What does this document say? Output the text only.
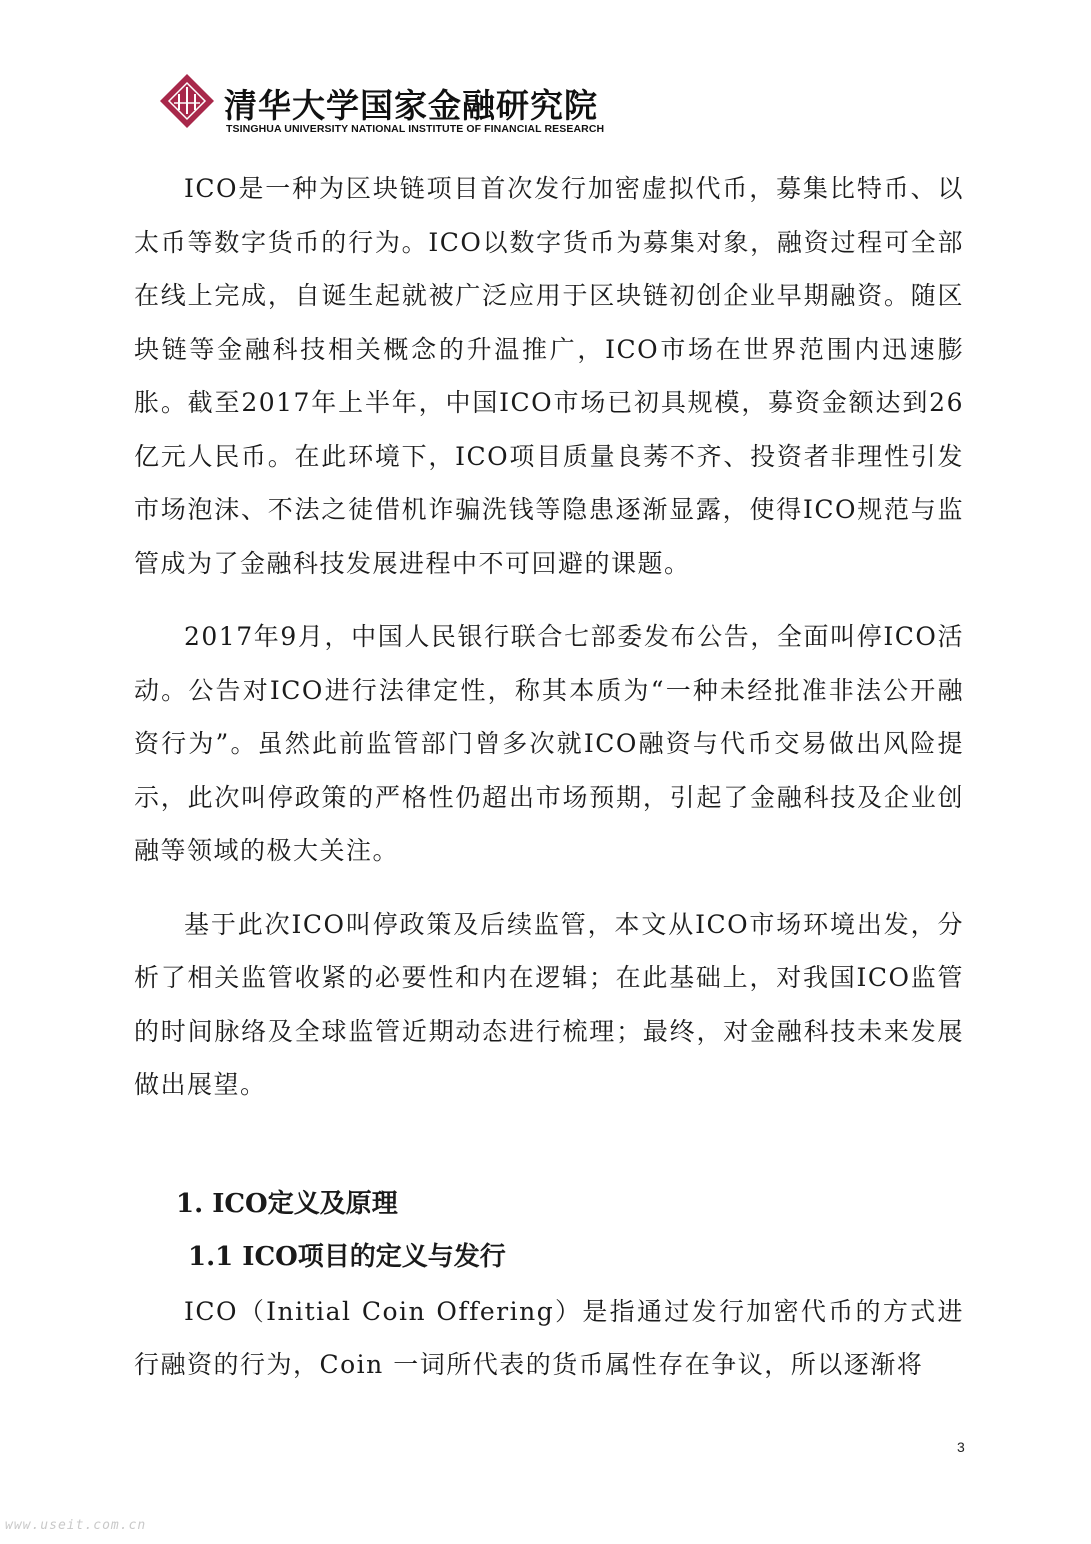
清华大学国家金融研究院
TSINGHUA UNIVERSITY NATIONAL INSTITUTE OF FINANCIAL RESEARCH

ICO是一种为区块链项目首次发行加密虚拟代币，募集比特币、以太币等数字货币的行为。ICO以数字货币为募集对象，融资过程可全部在线上完成，自诞生起就被广泛应用于区块链初创企业早期融资。随区块链等金融科技相关概念的升温推广，ICO市场在世界范围内迅速膨胀。截至2017年上半年，中国ICO市场已初具规模，募资金额达到26亿元人民币。在此环境下，ICO项目质量良莠不齐、投资者非理性引发市场泡沫、不法之徒借机诈骗洗钱等隐患逐渐显露，使得ICO规范与监管成为了金融科技发展进程中不可回避的课题。

2017年9月，中国人民银行联合七部委发布公告，全面叫停ICO活动。公告对ICO进行法律定性，称其本质为“一种未经批准非法公开融资行为”。虽然此前监管部门曾多次就ICO融资与代币交易做出风险提示，此次叫停政策的严格性仍超出市场预期，引起了金融科技及企业创融等领域的极大关注。

基于此次ICO叫停政策及后续监管，本文从ICO市场环境出发，分析了相关监管收紧的必要性和内在逻辑；在此基础上，对我国ICO监管的时间脉络及全球监管近期动态进行梳理；最终，对金融科技未来发展做出展望。

1. ICO定义及原理
1.1 ICO项目的定义与发行

ICO（Initial Coin Offering）是指通过发行加密代币的方式进行融资的行为，Coin 一词所代表的货币属性存在争议，所以逐渐将

3
www.useit.com.cn
